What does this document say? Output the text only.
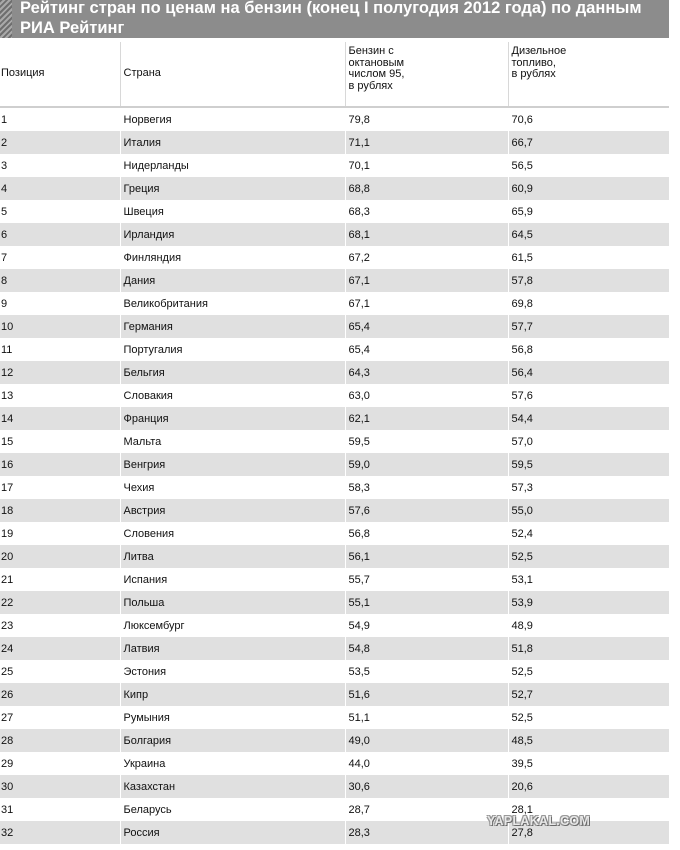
Рейтинг стран по ценам на бензин (конец I полугодия 2012 года) по данным РИА Рейтинг
Позиция	Страна	Бензин с
октановым
числом 95,
в рублях	Дизельное
топливо,
в рублях
1	Норвегия	79,8	70,6
2	Италия	71,1	66,7
3	Нидерланды	70,1	56,5
4	Греция	68,8	60,9
5	Швеция	68,3	65,9
6	Ирландия	68,1	64,5
7	Финляндия	67,2	61,5
8	Дания	67,1	57,8
9	Великобритания	67,1	69,8
10	Германия	65,4	57,7
11	Португалия	65,4	56,8
12	Бельгия	64,3	56,4
13	Словакия	63,0	57,6
14	Франция	62,1	54,4
15	Мальта	59,5	57,0
16	Венгрия	59,0	59,5
17	Чехия	58,3	57,3
18	Австрия	57,6	55,0
19	Словения	56,8	52,4
20	Литва	56,1	52,5
21	Испания	55,7	53,1
22	Польша	55,1	53,9
23	Люксембург	54,9	48,9
24	Латвия	54,8	51,8
25	Эстония	53,5	52,5
26	Кипр	51,6	52,7
27	Румыния	51,1	52,5
28	Болгария	49,0	48,5
29	Украина	44,0	39,5
30	Казахстан	30,6	20,6
31	Беларусь	28,7	28,1
32	Россия	28,3	27,8
YAPLAKAL.COM
